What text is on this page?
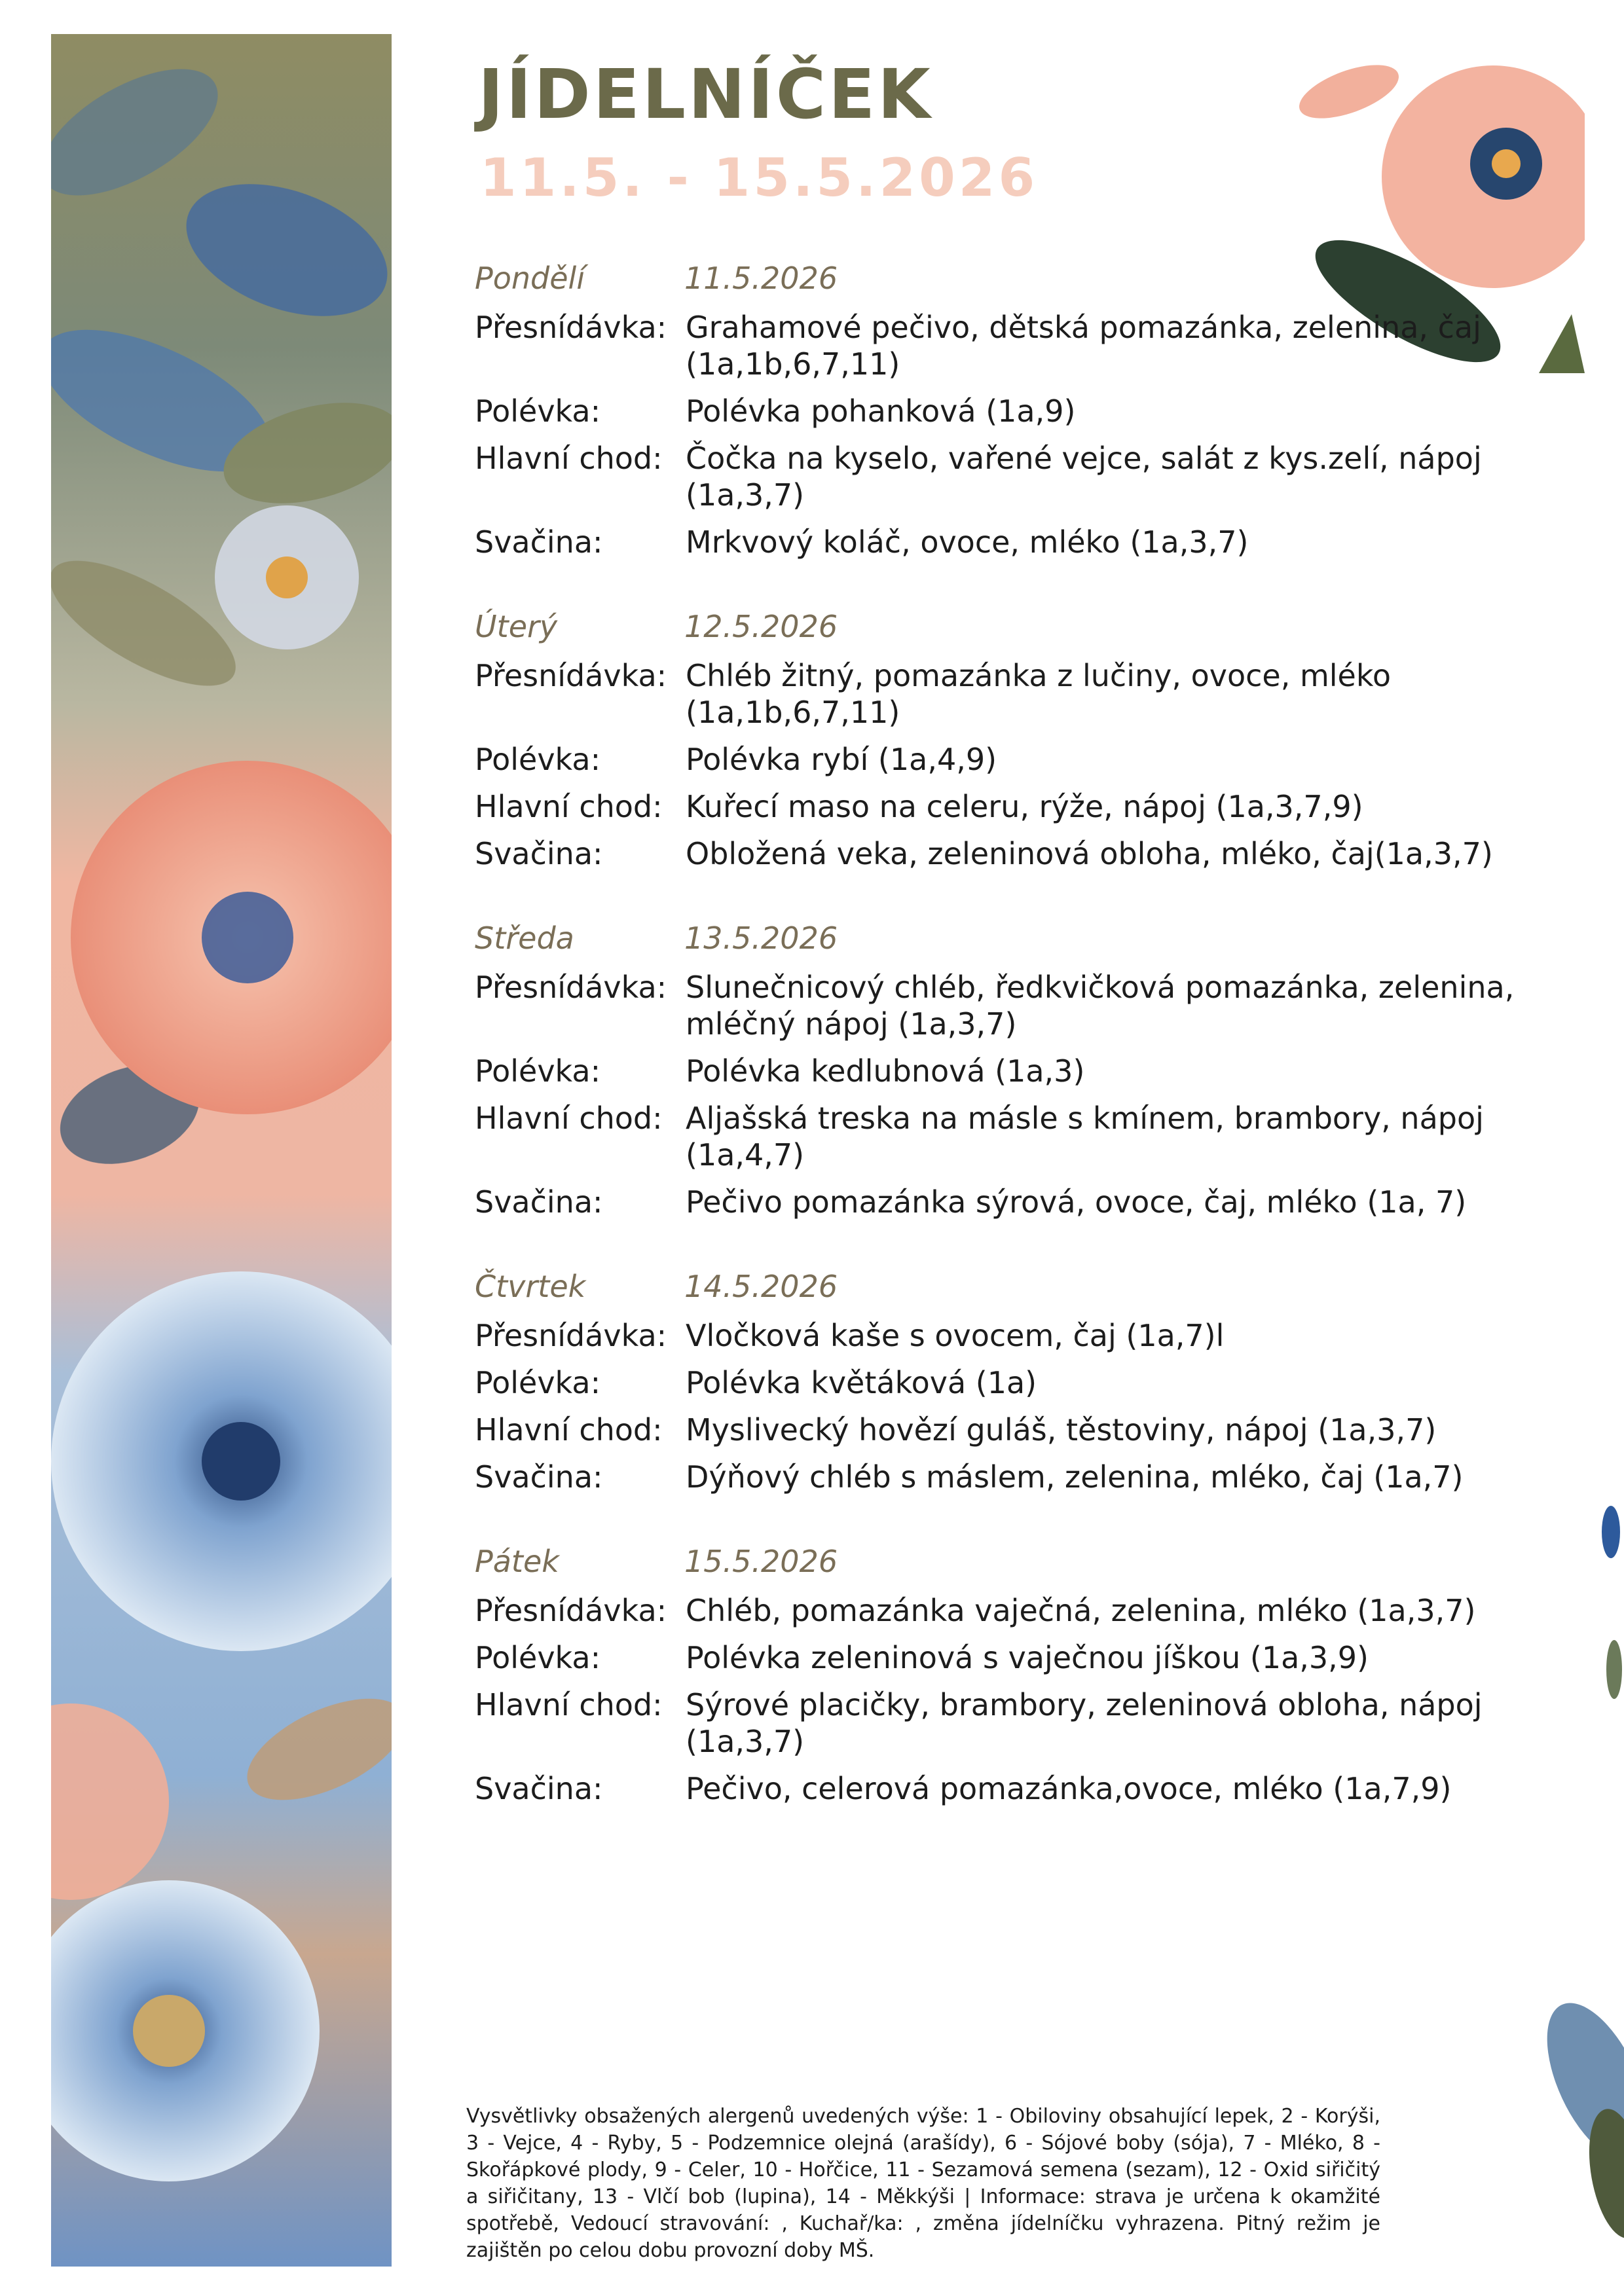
JÍDELNÍČEK
11.5. - 15.5.2026
Pondělí	11.5.2026
Přesnídávka: Grahamové pečivo, dětská pomazánka, zelenina, čaj (1a,1b,6,7,11)
Polévka:	Polévka pohanková (1a,9)
Hlavní chod: Čočka na kyselo, vařené vejce, salát z kys.zelí, nápoj (1a,3,7)
Svačina:	Mrkvový koláč, ovoce, mléko (1a,3,7)
Úterý	12.5.2026
Přesnídávka: Chléb žitný, pomazánka z lučiny, ovoce, mléko (1a,1b,6,7,11)
Polévka:	Polévka rybí (1a,4,9)
Hlavní chod: Kuřecí maso na celeru, rýže, nápoj (1a,3,7,9)
Svačina:	Obložená veka, zeleninová obloha, mléko, čaj(1a,3,7)
Středa	13.5.2026
Přesnídávka: Slunečnicový chléb, ředkvičková pomazánka, zelenina, mléčný nápoj (1a,3,7)
Polévka:	Polévka kedlubnová (1a,3)
Hlavní chod: Aljašská treska na másle s kmínem, brambory, nápoj (1a,4,7)
Svačina:	Pečivo pomazánka sýrová, ovoce, čaj, mléko (1a, 7)
Čtvrtek	14.5.2026
Přesnídávka: Vločková kaše s ovocem, čaj (1a,7)l
Polévka:	Polévka květáková (1a)
Hlavní chod: Myslivecký hovězí guláš, těstoviny, nápoj (1a,3,7)
Svačina:	Dýňový chléb s máslem, zelenina, mléko, čaj (1a,7)
Pátek	15.5.2026
Přesnídávka: Chléb, pomazánka vaječná, zelenina, mléko (1a,3,7)
Polévka:	Polévka zeleninová s vaječnou jíškou (1a,3,9)
Hlavní chod: Sýrové placičky, brambory, zeleninová obloha, nápoj (1a,3,7)
Svačina:	Pečivo, celerová pomazánka,ovoce, mléko (1a,7,9)

Vysvětlivky obsažených alergenů uvedených výše: 1 - Obiloviny obsahující lepek, 2 - Korýši, 3 - Vejce, 4 - Ryby, 5 - Podzemnice olejná (arašídy), 6 - Sójové boby (sója), 7 - Mléko, 8 - Skořápkové plody, 9 - Celer, 10 - Hořčice, 11 - Sezamová semena (sezam), 12 - Oxid siřičitý a siřičitany, 13 - Vlčí bob (lupina), 14 - Měkkýši | Informace: strava je určena k okamžité spotřebě, Vedoucí stravování: , Kuchař/ka: , změna jídelníčku vyhrazena. Pitný režim je zajištěn po celou dobu provozní doby MŠ.
